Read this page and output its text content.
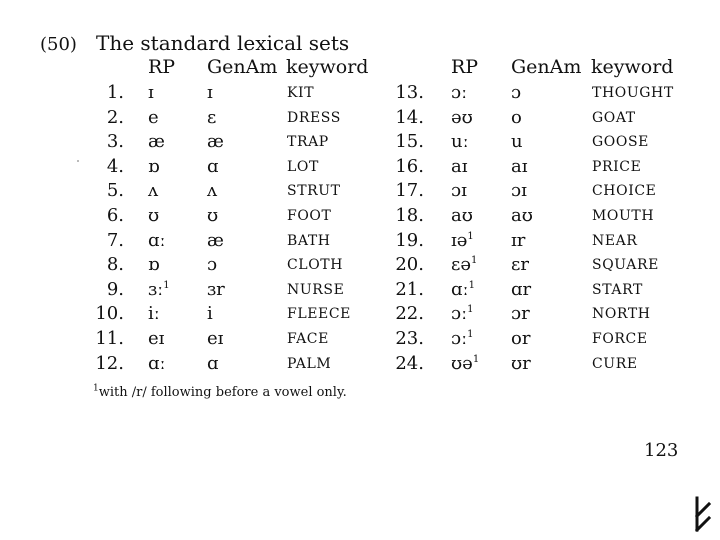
(50) The standard lexical sets
RP GenAm keyword	RP GenAm keyword
1. ɪ	ɪ	KIT
2. e	ɛ	DRESS
3. æ æ	TRAP
4. ɒ	ɑ	LOT
5. ʌ	ʌ	STRUT
6. ʊ	ʊ	FOOT
7. ɑː æ	BATH
8. ɒ	ɔ	CLOTH
9. ɜː$^1$ ɜr	NURSE
10. iː	i	FLEECE
11. eɪ eɪ	FACE
12. ɑː ɑ	PALM
13. ɔː ɔ	THOUGHT
14. əʊ o	GOAT
15. uː u	GOOSE
16. aɪ aɪ	PRICE
17. ɔɪ ɔɪ	CHOICE
18. aʊ aʊ	MOUTH
19. ɪə$^1$ ɪr	NEAR
20. ɛə$^1$ ɛr	SQUARE
21. ɑː$^1$ ɑr	START
22. ɔː$^1$ ɔr	NORTH
23. ɔː$^1$ or	FORCE
24. ʊə$^1$ ʊr	CURE
$^1$with /r/ following before a vowel only.
123
